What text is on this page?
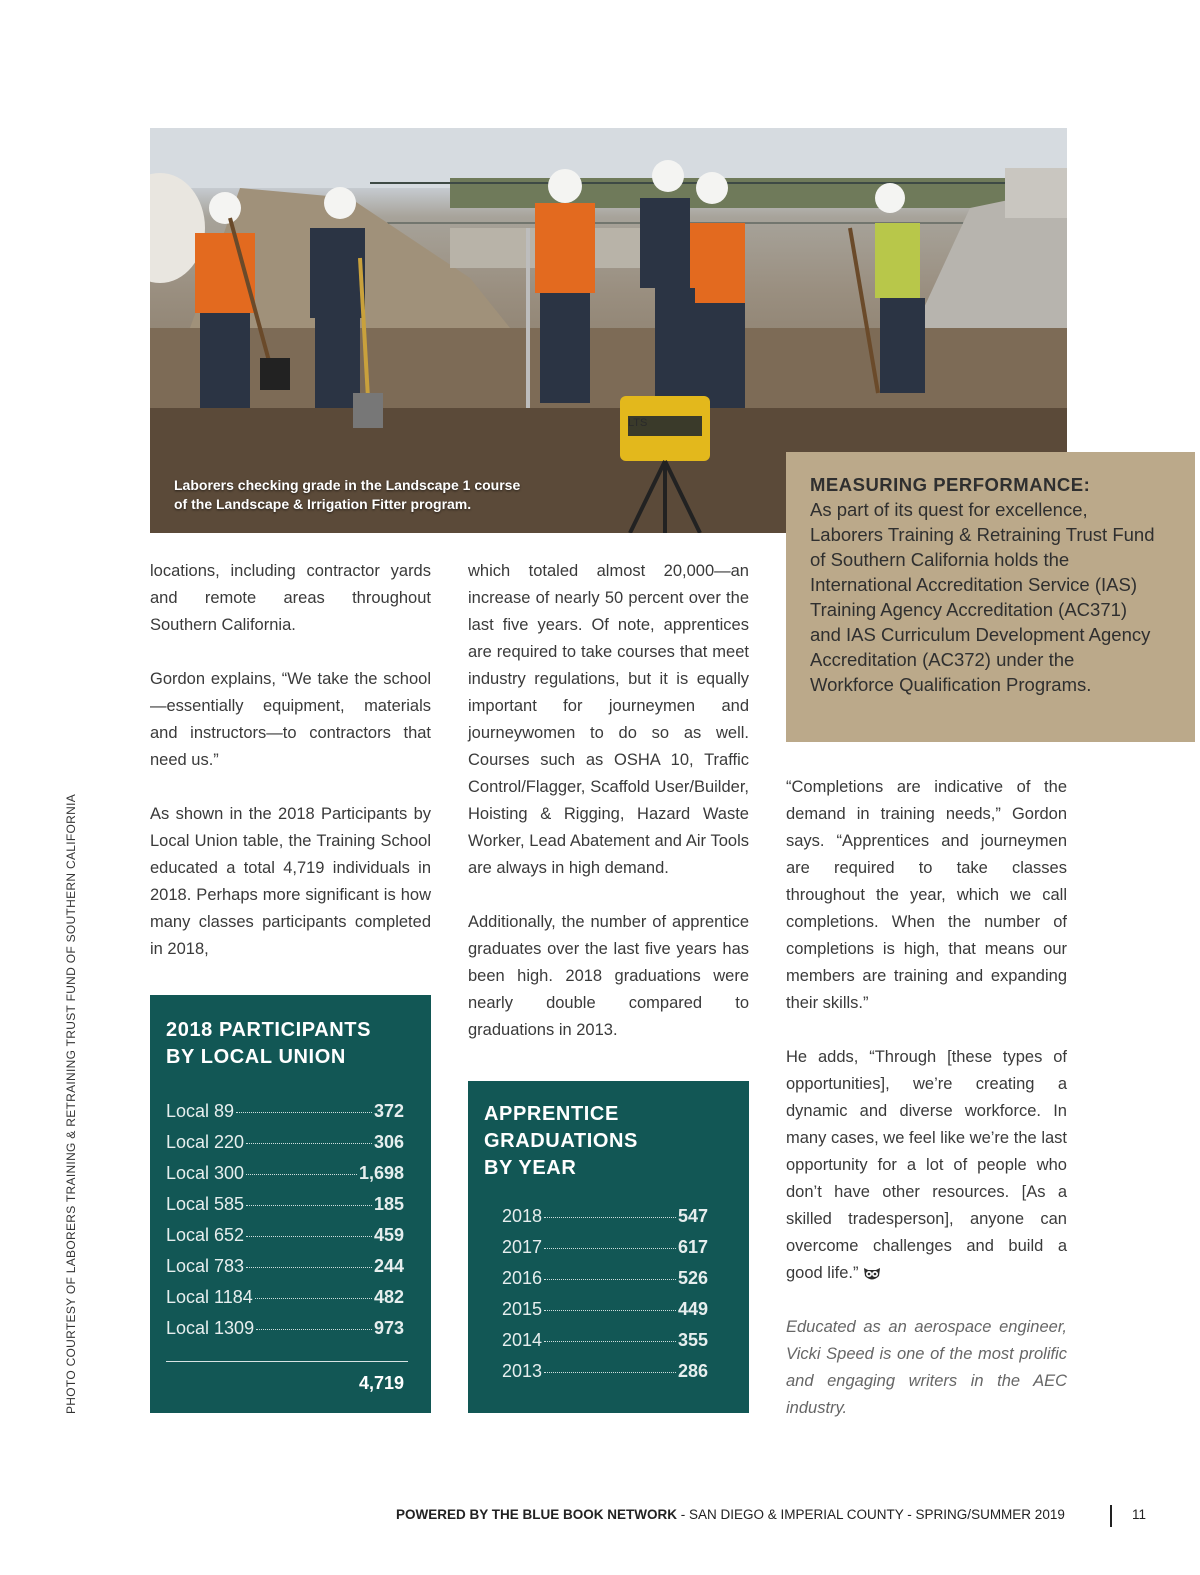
LTS
Laborers checking grade in the Landscape 1 course
of the Landscape & Irrigation Fitter program.
MEASURING PERFORMANCE:
As part of its quest for excellence, Laborers Training & Retraining Trust Fund of Southern California holds the International Accreditation Service (IAS) Training Agency Accreditation (AC371) and IAS Curriculum Development Agency Accreditation (AC372) under the Workforce Qualification Programs.

locations, including contractor yards and remote areas throughout Southern California.

Gordon explains, “We take the school—essentially equipment, materials and instructors—to contractors that need us.”

As shown in the 2018 Participants by Local Union table, the Training School educated a total 4,719 individuals in 2018. Perhaps more significant is how many classes participants completed in 2018,

which totaled almost 20,000—an increase of nearly 50 percent over the last five years. Of note, apprentices are required to take courses that meet industry regulations, but it is equally important for journeymen and journeywomen to do so as well. Courses such as OSHA 10, Traffic Control/Flagger, Scaffold User/Builder, Hoisting & Rigging, Hazard Waste Worker, Lead Abatement and Air Tools are always in high demand.

Additionally, the number of apprentice graduates over the last five years has been high. 2018 graduations were nearly double compared to graduations in 2013.

“Completions are indicative of the demand in training needs,” Gordon says. “Apprentices and journeymen are required to take classes throughout the year, which we call completions. When the number of completions is high, that means our members are training and expanding their skills.”

He adds, “Through [these types of opportunities], we’re creating a dynamic and diverse workforce. In many cases, we feel like we’re the last opportunity for a lot of people who don’t have other resources. [As a skilled tradesperson], anyone can overcome challenges and build a good life.”

Educated as an aerospace engineer, Vicki Speed is one of the most prolific and engaging writers in the AEC industry.

PHOTO COURTESY OF LABORERS TRAINING & RETRAINING TRUST FUND OF SOUTHERN CALIFORNIA	2018 PARTICIPANTS
BY LOCAL UNION
Local 89	372
Local 220	306
Local 300	1,698
Local 585	185
Local 652	459
Local 783	244
Local 1184	482
Local 1309	973
4,719
APPRENTICE
GRADUATIONS
BY YEAR
2018	547
2017	617
2016	526
2015	449
2014	355
2013	286
POWERED BY THE BLUE BOOK NETWORK - SAN DIEGO & IMPERIAL COUNTY - SPRING/SUMMER 2019	11
